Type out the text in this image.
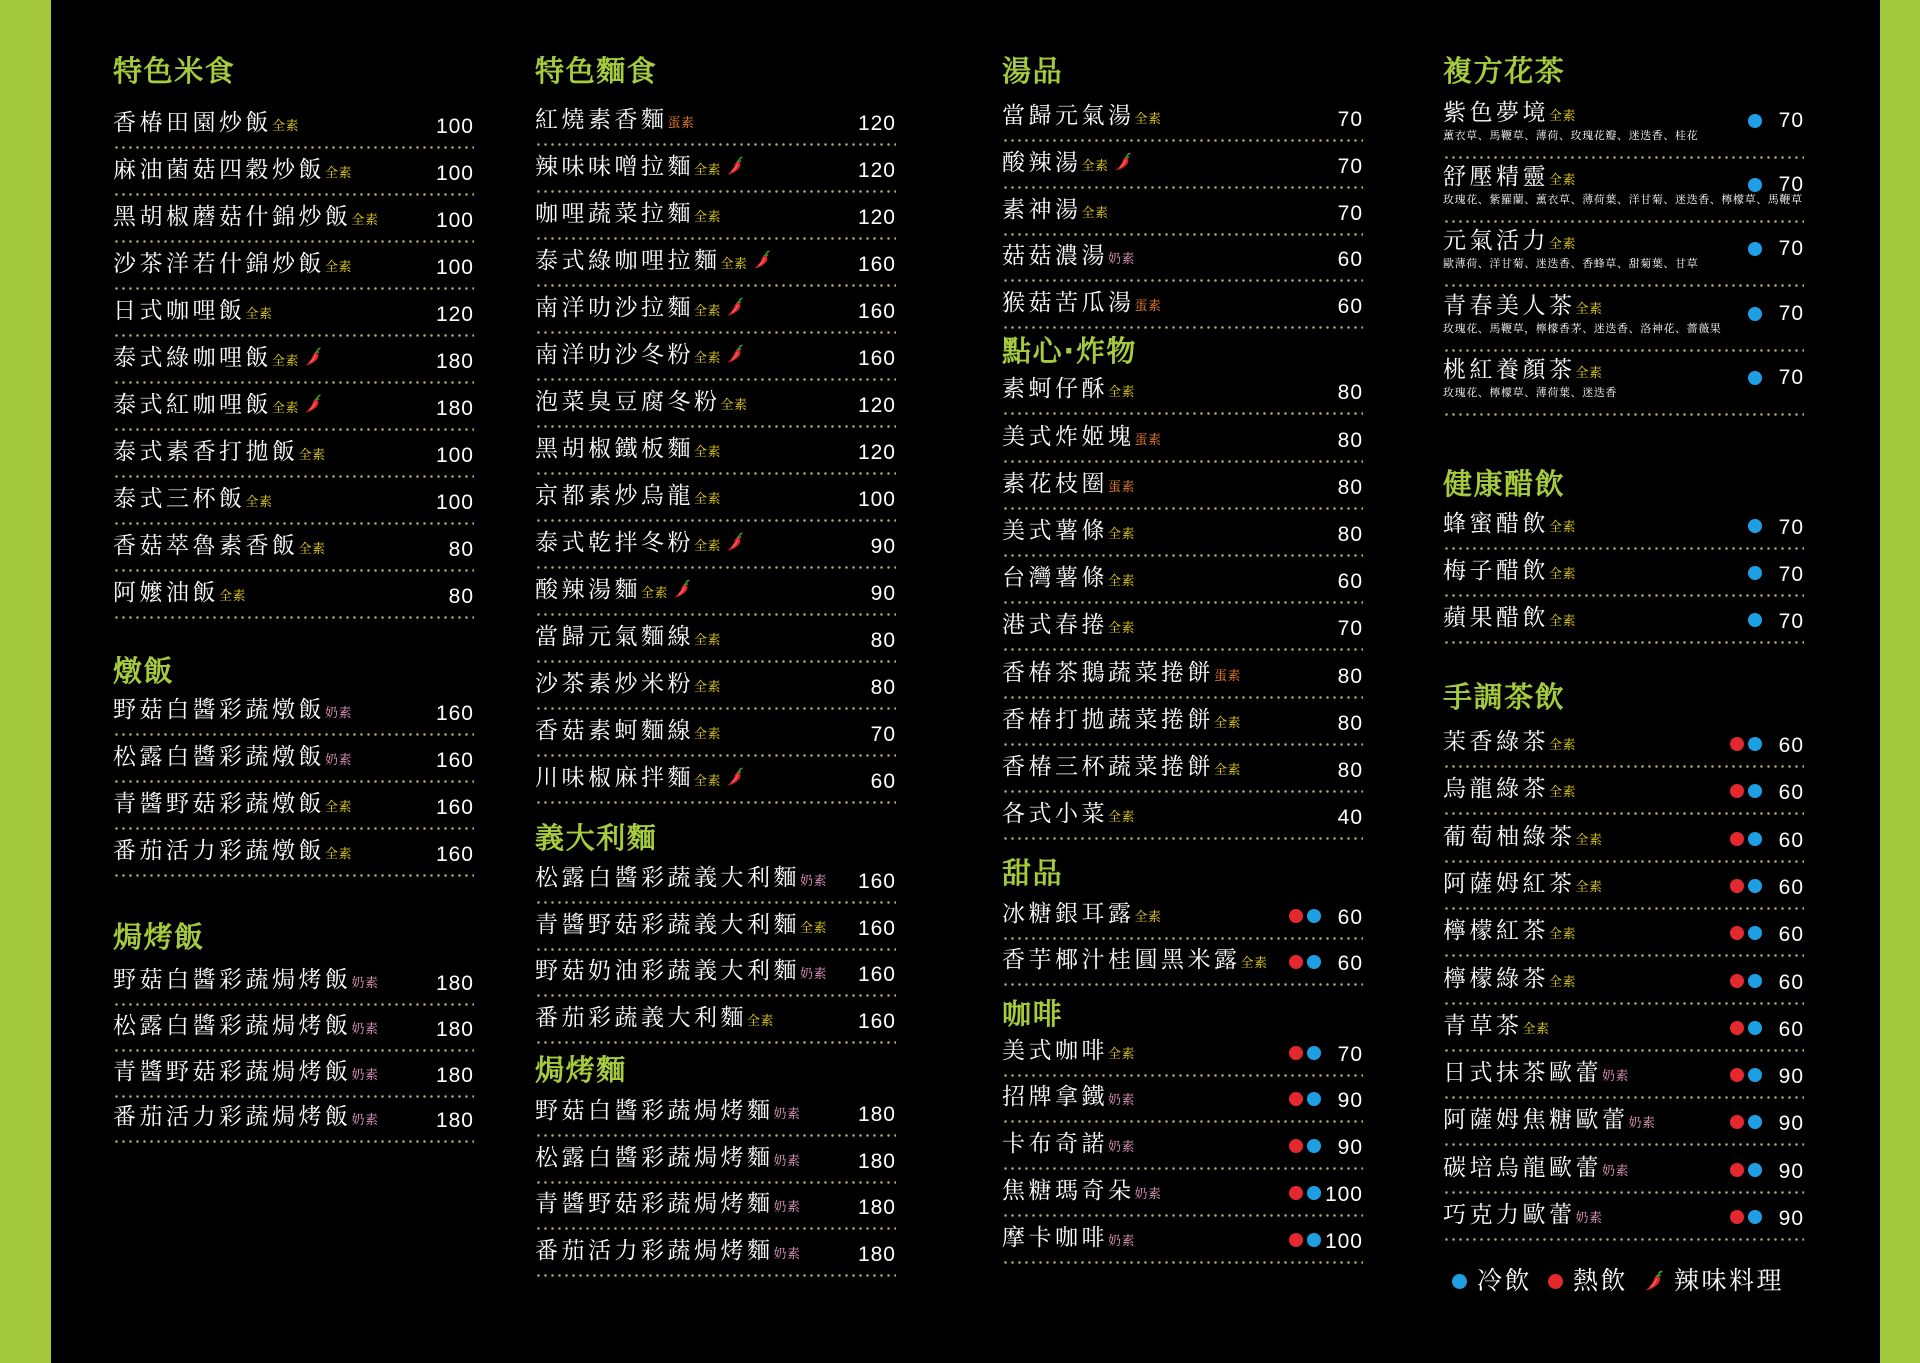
冷飲 熱飲 辣味料理
特色米食
香椿田園炒飯全素	100
麻油菌菇四穀炒飯全素	100
黑胡椒蘑菇什錦炒飯全素	100
沙茶洋若什錦炒飯全素	100
日式咖哩飯全素	120
泰式綠咖哩飯全素	180
泰式紅咖哩飯全素	180
泰式素香打拋飯全素	100
泰式三杯飯全素	100
香菇萃魯素香飯全素	80
阿嬤油飯全素	80
燉飯
野菇白醬彩蔬燉飯奶素	160
松露白醬彩蔬燉飯奶素	160
青醬野菇彩蔬燉飯全素	160
番茄活力彩蔬燉飯全素	160
焗烤飯
野菇白醬彩蔬焗烤飯奶素	180
松露白醬彩蔬焗烤飯奶素	180
青醬野菇彩蔬焗烤飯奶素	180
番茄活力彩蔬焗烤飯奶素	180
特色麵食
紅燒素香麵蛋素	120
辣味味噌拉麵全素	120
咖哩蔬菜拉麵全素	120
泰式綠咖哩拉麵全素	160
南洋叻沙拉麵全素	160
南洋叻沙冬粉全素	160
泡菜臭豆腐冬粉全素	120
黑胡椒鐵板麵全素	120
京都素炒烏龍全素	100
泰式乾拌冬粉全素	90
酸辣湯麵全素	90
當歸元氣麵線全素	80
沙茶素炒米粉全素	80
香菇素蚵麵線全素	70
川味椒麻拌麵全素	60
義大利麵
松露白醬彩蔬義大利麵奶素	160
青醬野菇彩蔬義大利麵全素	160
野菇奶油彩蔬義大利麵奶素	160
番茄彩蔬義大利麵全素	160
焗烤麵
野菇白醬彩蔬焗烤麵奶素	180
松露白醬彩蔬焗烤麵奶素	180
青醬野菇彩蔬焗烤麵奶素	180
番茄活力彩蔬焗烤麵奶素	180
湯品
當歸元氣湯全素	70
酸辣湯全素	70
素神湯全素	70
菇菇濃湯奶素	60
猴菇苦瓜湯蛋素	60
點心·炸物
素蚵仔酥全素	80
美式炸姬塊蛋素	80
素花枝圈蛋素	80
美式薯條全素	80
台灣薯條全素	60
港式春捲全素	70
香椿茶鵝蔬菜捲餅蛋素	80
香椿打拋蔬菜捲餅全素	80
香椿三杯蔬菜捲餅全素	80
各式小菜全素	40
甜品
冰糖銀耳露全素	60
香芋椰汁桂圓黑米露全素	60
咖啡
美式咖啡全素	70
招牌拿鐵奶素	90
卡布奇諾奶素	90
焦糖瑪奇朵奶素	100
摩卡咖啡奶素	100
複方花茶
紫色夢境全素	70
薰衣草、馬鞭草、薄荷、玫瑰花瓣、迷迭香、桂花
舒壓精靈全素	70
玫瑰花、紫羅蘭、薰衣草、薄荷葉、洋甘菊、迷迭香、檸檬草、馬鞭草
元氣活力全素	70
歐薄荷、洋甘菊、迷迭香、香蜂草、甜菊葉、甘草
青春美人茶全素	70
玫瑰花、馬鞭草，檸檬香茅、迷迭香、洛神花、薔薇果
桃紅養顏茶全素	70
玫瑰花、檸檬草、薄荷葉、迷迭香
健康醋飲
蜂蜜醋飲全素	70
梅子醋飲全素	70
蘋果醋飲全素	70
手調茶飲
茉香綠茶全素	60
烏龍綠茶全素	60
葡萄柚綠茶全素	60
阿薩姆紅茶全素	60
檸檬紅茶全素	60
檸檬綠茶全素	60
青草茶全素	60
日式抹茶歐蕾奶素	90
阿薩姆焦糖歐蕾奶素	90
碳培烏龍歐蕾奶素	90
巧克力歐蕾奶素	90
